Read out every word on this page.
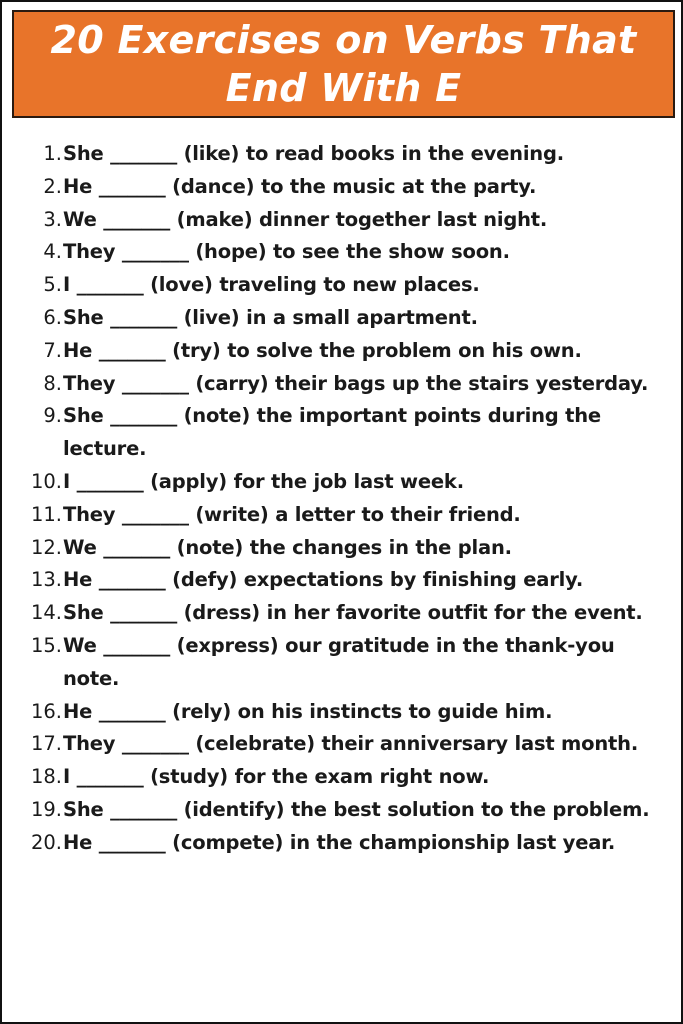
20 Exercises on Verbs That
End With E
1. She _______ (like) to read books in the evening.
2. He _______ (dance) to the music at the party.
3. We _______ (make) dinner together last night.
4. They _______ (hope) to see the show soon.
5. I _______ (love) traveling to new places.
6. She _______ (live) in a small apartment.
7. He _______ (try) to solve the problem on his own.
8. They _______ (carry) their bags up the stairs yesterday.
9. She _______ (note) the important points during the lecture.
10. I _______ (apply) for the job last week.
11. They _______ (write) a letter to their friend.
12. We _______ (note) the changes in the plan.
13. He _______ (defy) expectations by finishing early.
14. She _______ (dress) in her favorite outfit for the event.
15. We _______ (express) our gratitude in the thank-you note.
16. He _______ (rely) on his instincts to guide him.
17. They _______ (celebrate) their anniversary last month.
18. I _______ (study) for the exam right now.
19. She _______ (identify) the best solution to the problem.
20. He _______ (compete) in the championship last year.
